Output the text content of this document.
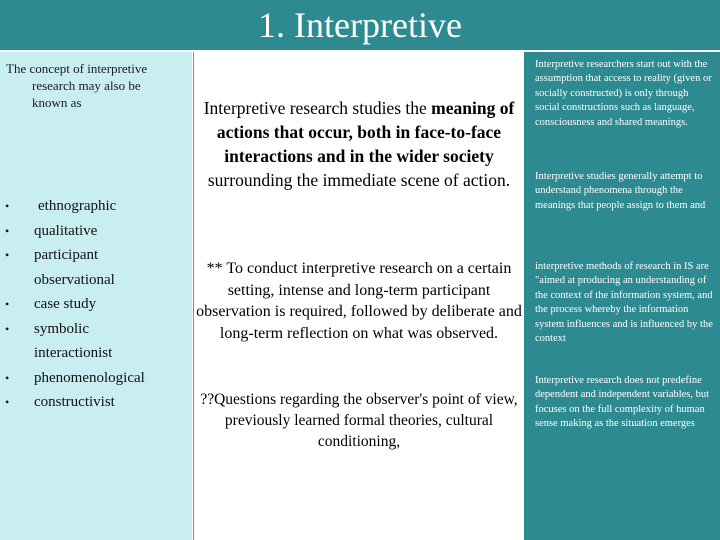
1. Interpretive
The concept of interpretive
research may also be
known as
•	ethnographic
•	qualitative
•	participant
observational
•	case study
•	symbolic
interactionist
•	phenomenological
•	constructivist
Interpretive research studies the meaning of actions that occur, both in face-to-face interactions and in the wider society surrounding the immediate scene of action.
** To conduct interpretive research on a certain setting, intense and long-term participant observation is required, followed by deliberate and long-term reflection on what was observed.
??Questions regarding the observer's point of view, previously learned formal theories, cultural conditioning,
Interpretive researchers start out with the assumption that access to reality (given or socially constructed) is only through social constructions such as language, consciousness and shared meanings.
Interpretive studies generally attempt to understand phenomena through the meanings that people assign to them and
interpretive methods of research in IS are "aimed at producing an understanding of the context of the information system, and the process whereby the information system influences and is influenced by the context
Interpretive research does not predefine dependent and independent variables, but focuses on the full complexity of human sense making as the situation emerges
